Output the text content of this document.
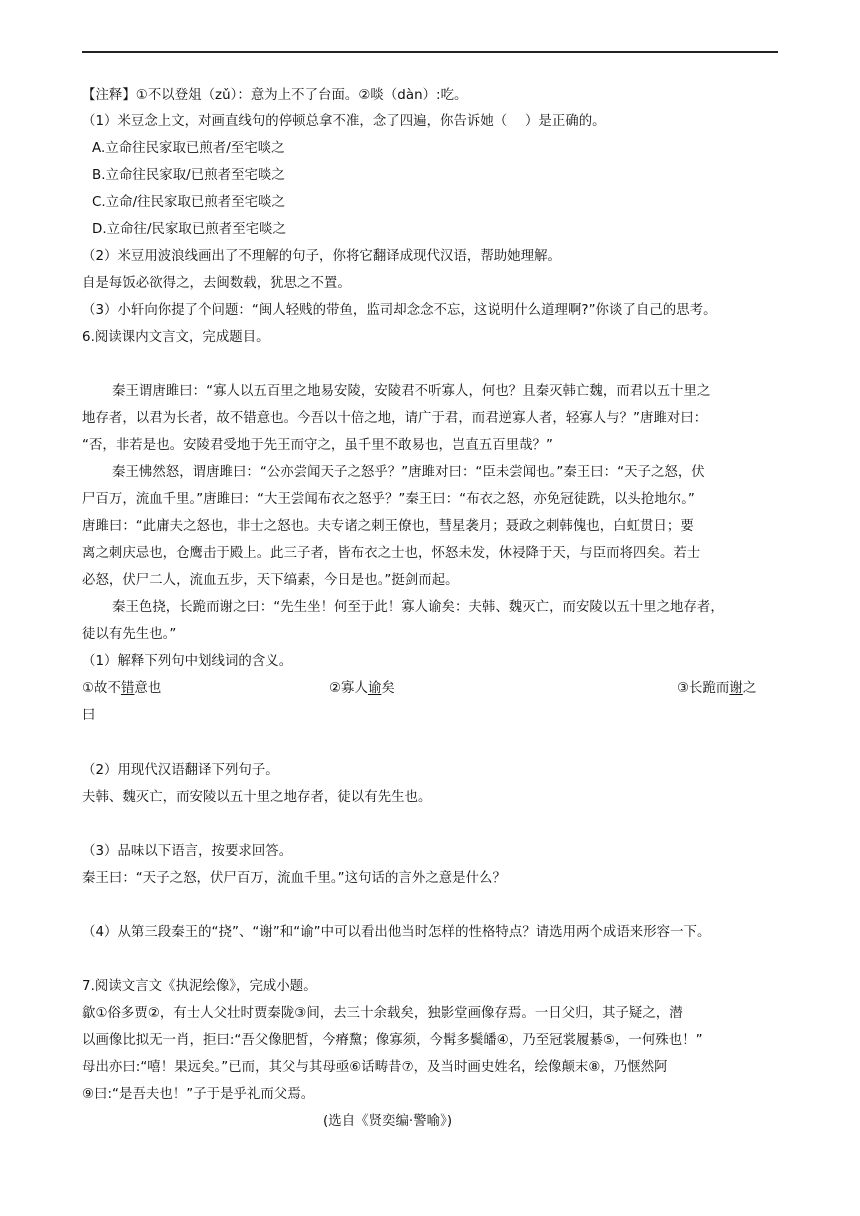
【注释】①不以登俎（zǔ）：意为上不了台面。②啖（dàn）:吃。
（1）米豆念上文，对画直线句的停顿总拿不准，念了四遍，你告诉她（　 ）是正确的。
A.立命往民家取已煎者/至宅啖之
B.立命往民家取/已煎者至宅啖之
C.立命/往民家取已煎者至宅啖之
D.立命往/民家取已煎者至宅啖之
（2）米豆用波浪线画出了不理解的句子，你将它翻译成现代汉语，帮助她理解。
自是每饭必欲得之，去闽数载，犹思之不置。
（3）小轩向你提了个问题：“闽人轻贱的带鱼，监司却念念不忘，这说明什么道理啊?”你谈了自己的思考。
6.阅读课内文言文，完成题目。
秦王谓唐雎曰：“寡人以五百里之地易安陵，安陵君不听寡人，何也？且秦灭韩亡魏，而君以五十里之
地存者，以君为长者，故不错意也。今吾以十倍之地，请广于君，而君逆寡人者，轻寡人与？”唐雎对曰：
“否，非若是也。安陵君受地于先王而守之，虽千里不敢易也，岂直五百里哉？”
秦王怫然怒，谓唐雎曰：“公亦尝闻天子之怒乎？”唐雎对曰：“臣未尝闻也。”秦王曰：“天子之怒，伏
尸百万，流血千里。”唐雎曰：“大王尝闻布衣之怒乎？”秦王曰：“布衣之怒，亦免冠徒跣，以头抢地尔。”
唐雎曰：“此庸夫之怒也，非士之怒也。夫专诸之刺王僚也，彗星袭月；聂政之刺韩傀也，白虹贯日；要
离之刺庆忌也，仓鹰击于殿上。此三子者，皆布衣之士也，怀怒未发，休祲降于天，与臣而将四矣。若士
必怒，伏尸二人，流血五步，天下缟素，今日是也。”挺剑而起。
秦王色挠，长跪而谢之曰：“先生坐！何至于此！寡人谕矣：夫韩、魏灭亡，而安陵以五十里之地存者，
徒以有先生也。”
（1）解释下列句中划线词的含义。
①故不错意也	②寡人谕矣	③长跪而谢之
曰
（2）用现代汉语翻译下列句子。
夫韩、魏灭亡，而安陵以五十里之地存者，徒以有先生也。
（3）品味以下语言，按要求回答。
秦王曰：“天子之怒，伏尸百万，流血千里。”这句话的言外之意是什么？
（4）从第三段秦王的“挠”、“谢”和“谕”中可以看出他当时怎样的性格特点？请选用两个成语来形容一下。
7.阅读文言文《执泥绘像》，完成小题。
歙①俗多贾②，有士人父壮时贾秦陇③间，去三十余载矣，独影堂画像存焉。一日父归，其子疑之，潜
以画像比拟无一肖，拒曰:“吾父像肥皙，今瘠黧；像寡须，今髯多鬓皤④，乃至冠裳履綦⑤，一何殊也！”
母出亦曰:“嘻！果远矣。”已而，其父与其母亟⑥话畴昔⑦，及当时画史姓名，绘像颠末⑧，乃惬然阿
⑨曰:“是吾夫也！”子于是乎礼而父焉。
(选自《贤奕编·警喻》)
